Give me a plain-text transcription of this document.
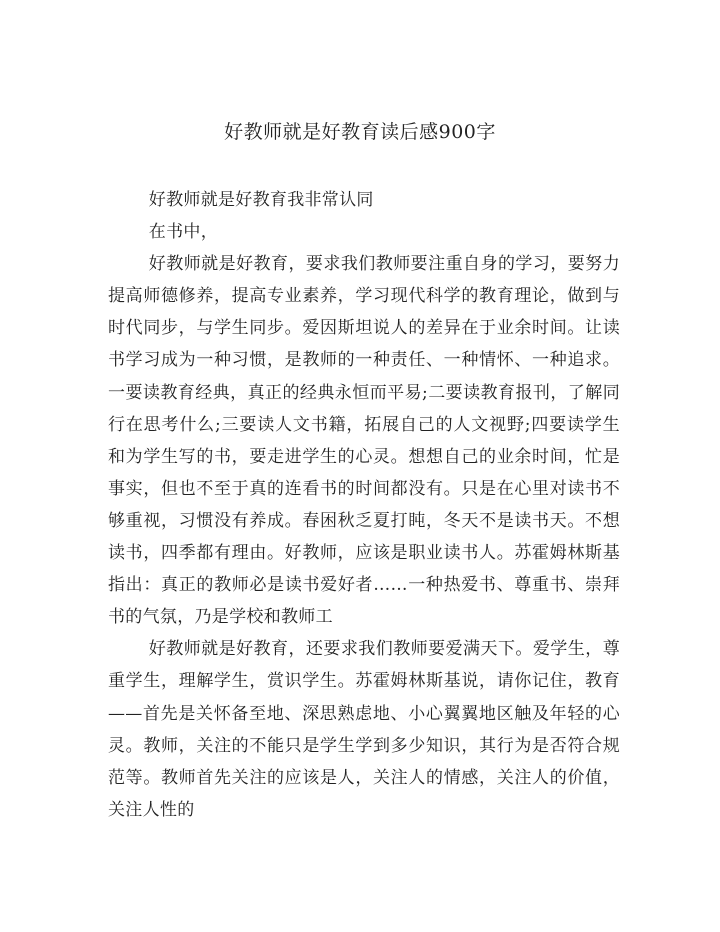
好教师就是好教育读后感900字

好教师就是好教育我非常认同

在书中，

好教师就是好教育，要求我们教师要注重自身的学习，要努力提高师德修养，提高专业素养，学习现代科学的教育理论，做到与时代同步，与学生同步。爱因斯坦说人的差异在于业余时间。让读书学习成为一种习惯，是教师的一种责任、一种情怀、一种追求。一要读教育经典，真正的经典永恒而平易;二要读教育报刊，了解同行在思考什么;三要读人文书籍，拓展自己的人文视野;四要读学生和为学生写的书，要走进学生的心灵。想想自己的业余时间，忙是事实，但也不至于真的连看书的时间都没有。只是在心里对读书不够重视，习惯没有养成。春困秋乏夏打盹，冬天不是读书天。不想读书，四季都有理由。好教师，应该是职业读书人。苏霍姆林斯基指出：真正的教师必是读书爱好者……一种热爱书、尊重书、崇拜书的气氛，乃是学校和教师工

好教师就是好教育，还要求我们教师要爱满天下。爱学生，尊重学生，理解学生，赏识学生。苏霍姆林斯基说，请你记住，教育——首先是关怀备至地、深思熟虑地、小心翼翼地区触及年轻的心灵。教师，关注的不能只是学生学到多少知识，其行为是否符合规范等。教师首先关注的应该是人，关注人的情感，关注人的价值，关注人性的
